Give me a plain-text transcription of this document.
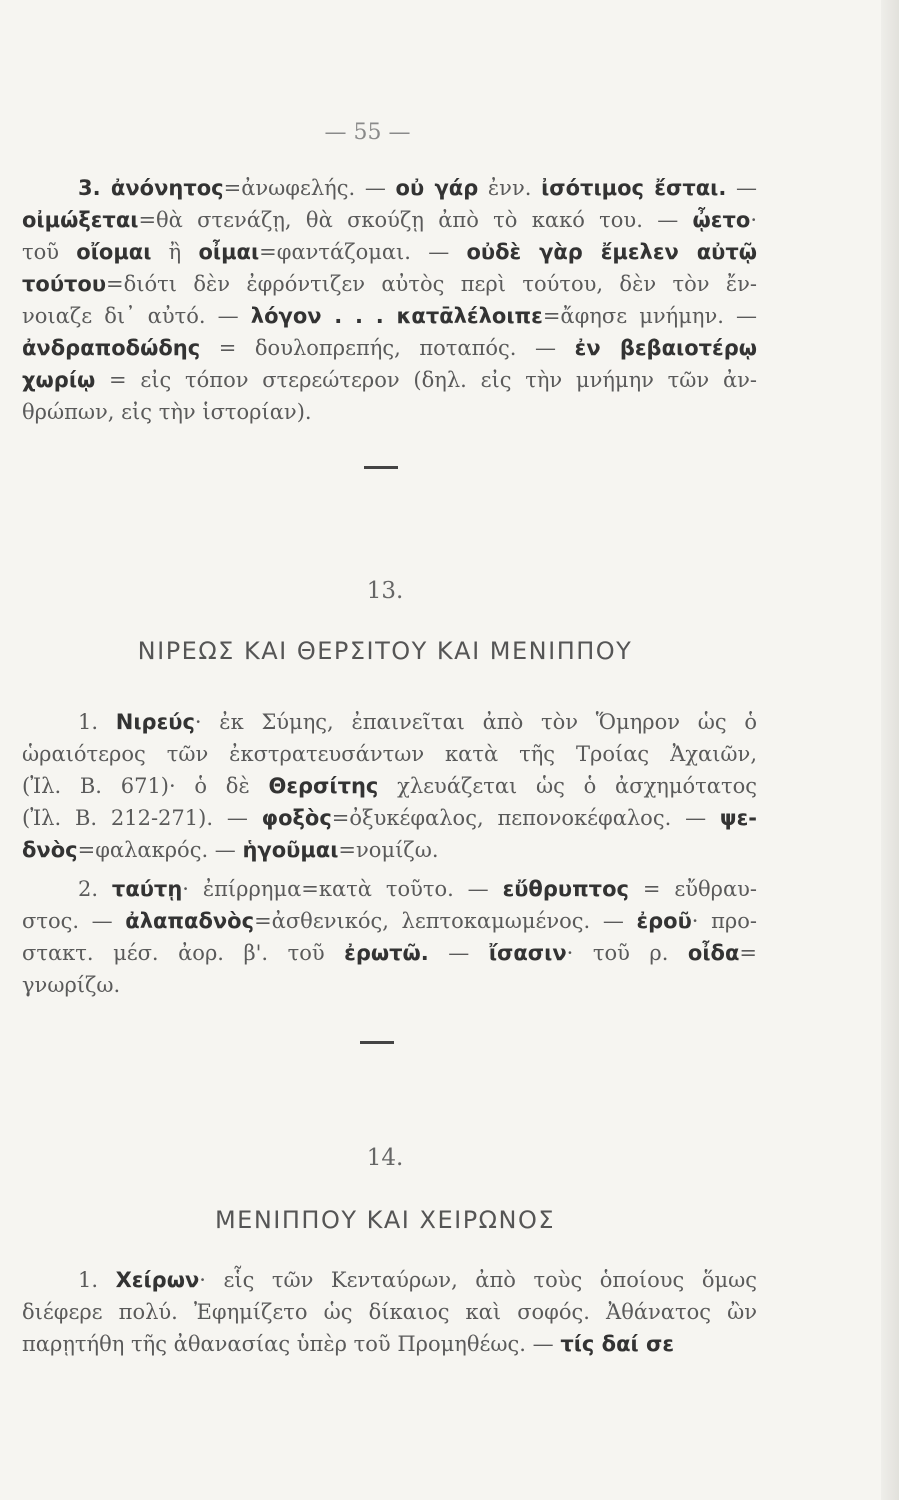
— 55 —
3. ἀνόνητος=ἀνωφελής. — οὐ γάρ ἐνν. ἰσότιμος ἔσται. —
οἰμώξεται=θὰ στενάζῃ, θὰ σκούζῃ ἀπὸ τὸ κακό του. — ᾦετο·
τοῦ οἴομαι ἢ οἶμαι=φαντάζομαι. — οὐδὲ γὰρ ἔμελεν αὐτῷ
τούτου=διότι δὲν ἐφρόντιζεν αὐτὸς περὶ τούτου, δὲν τὸν ἔν-
νοιαζε δι᾿ αὐτό. — λόγον . . . κατᾱλέλοιπε=ἄφησε μνήμην. —
ἀνδραποδώδης = δουλοπρεπής, ποταπός. — ἐν βεβαιοτέρῳ
χωρίῳ = εἰς τόπον στερεώτερον (δηλ. εἰς τὴν μνήμην τῶν ἀν-
θρώπων, εἰς τὴν ἱστορίαν).
13.
ΝΙΡΕΩΣ ΚΑΙ ΘΕΡΣΙΤΟΥ ΚΑΙ ΜΕΝΙΠΠΟΥ
1. Νιρεύς· ἐκ Σύμης, ἐπαινεῖται ἀπὸ τὸν Ὅμηρον ὡς ὁ
ὡραιότερος τῶν ἐκστρατευσάντων κατὰ τῆς Τροίας Ἀχαιῶν,
(Ἰλ. Β. 671)· ὁ δὲ Θερσίτης χλευάζεται ὡς ὁ ἀσχημότατος
(Ἰλ. Β. 212-271). — φοξὸς=ὀξυκέφαλος, πεπονοκέφαλος. — ψε-
δνὸς=φαλακρός. — ἡγοῦμαι=νομίζω.
2. ταύτῃ· ἐπίρρημα=κατὰ τοῦτο. — εὔθρυπτος = εὔθραυ-
στος. — ἀλαπαδνὸς=ἀσθενικός, λεπτοκαμωμένος. — ἐροῦ· προ-
στακτ. μέσ. ἀορ. β'. τοῦ ἐρωτῶ. — ἴσασιν· τοῦ ρ. οἶδα=
γνωρίζω.
14.
ΜΕΝΙΠΠΟΥ ΚΑΙ ΧΕΙΡΩΝΟΣ
1. Χείρων· εἷς τῶν Κενταύρων, ἀπὸ τοὺς ὁποίους ὅμως
διέφερε πολύ. Ἐφημίζετο ὡς δίκαιος καὶ σοφός. Ἀθάνατος ὢν
παρῃτήθη τῆς ἀθανασίας ὑπὲρ τοῦ Προμηθέως. — τίς δαί σε
